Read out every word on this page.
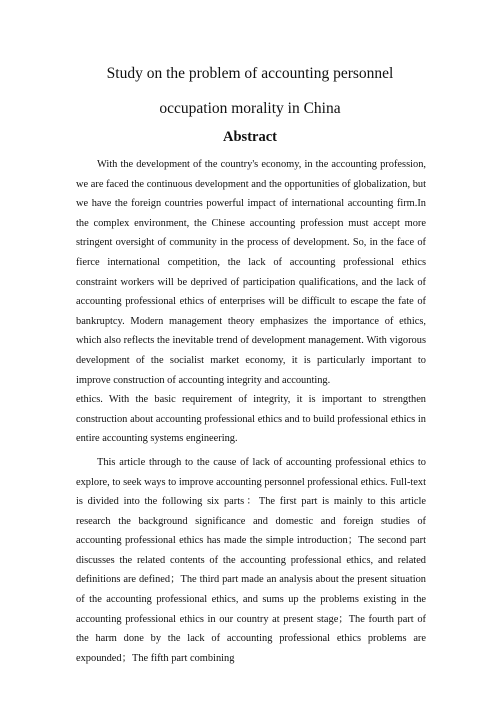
Study on the problem of accounting personnel
occupation morality in China
Abstract

With the development of the country's economy, in the accounting profession, we are faced the continuous development and the opportunities of globalization, but we have the foreign countries powerful impact of international accounting firm.In the complex environment, the Chinese accounting profession must accept more stringent oversight of community in the process of development. So, in the face of fierce international competition, the lack of accounting professional ethics constraint workers will be deprived of participation qualifications, and the lack of accounting professional ethics of enterprises will be difficult to escape the fate of bankruptcy. Modern management theory emphasizes the importance of ethics, which also reflects the inevitable trend of development management. With vigorous development of the socialist market economy, it is particularly important to improve construction of accounting integrity and accounting.

ethics. With the basic requirement of integrity, it is important to strengthen construction about accounting professional ethics and to build professional ethics in entire accounting systems engineering.

This article through to the cause of lack of accounting professional ethics to explore, to seek ways to improve accounting personnel professional ethics. Full-text is divided into the following six parts：The first part is mainly to this article research the background significance and domestic and foreign studies of accounting professional ethics has made the simple introduction；The second part discusses the related contents of the accounting professional ethics, and related definitions are defined；The third part made an analysis about the present situation of the accounting professional ethics, and sums up the problems existing in the accounting professional ethics in our country at present stage；The fourth part of the harm done by the lack of accounting professional ethics problems are expounded；The fifth part combining
